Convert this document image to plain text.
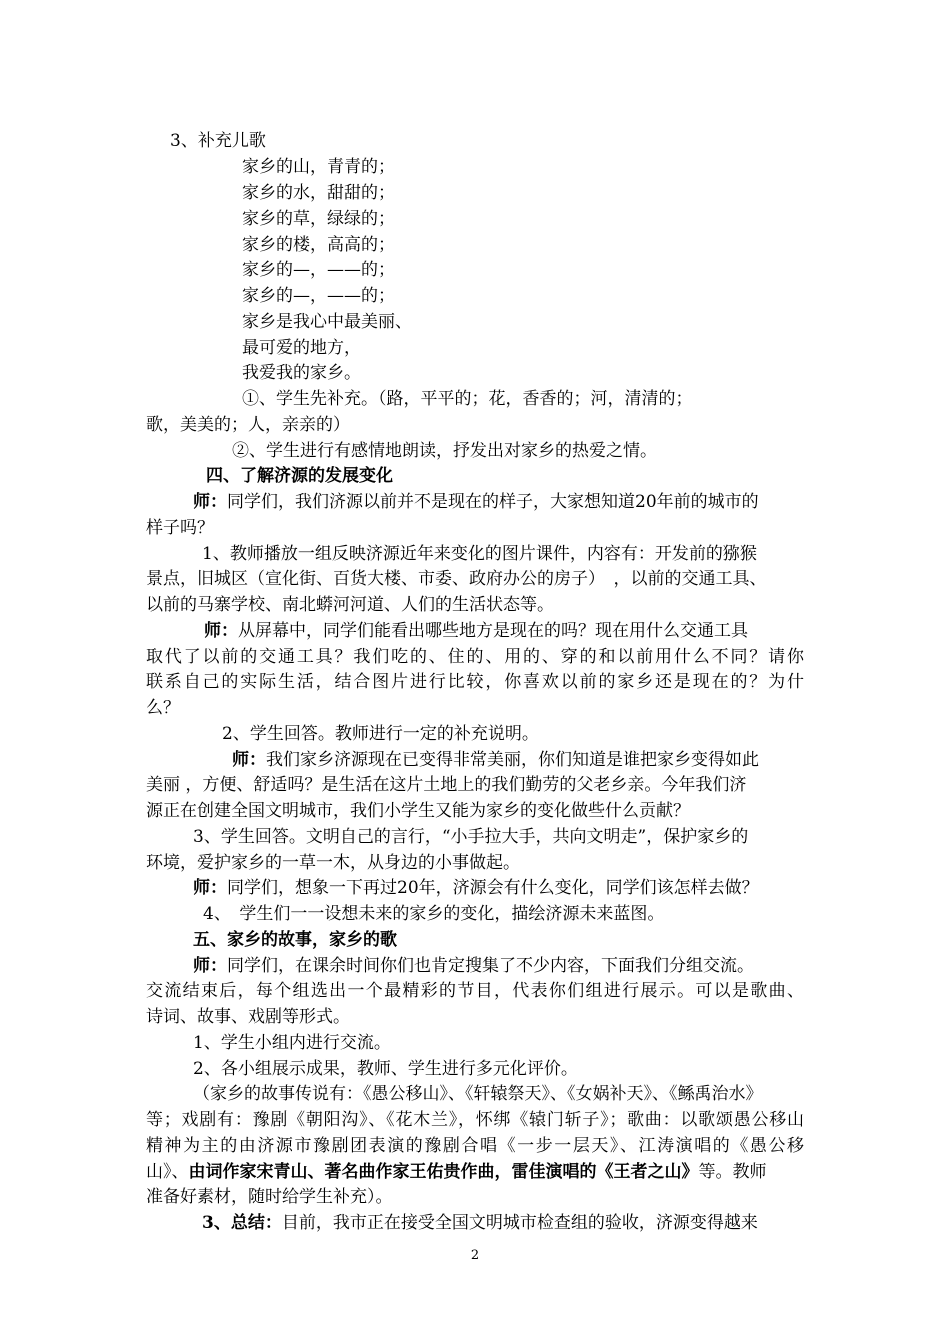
3、补充儿歌
家乡的山，青青的；
家乡的水，甜甜的；
家乡的草，绿绿的；
家乡的楼，高高的；
家乡的—，——的；
家乡的—，——的；
家乡是我心中最美丽、
最可爱的地方，
我爱我的家乡。
①、学生先补充。（路，平平的；花，香香的；河，清清的；
歌，美美的；人，亲亲的）
②、学生进行有感情地朗读，抒发出对家乡的热爱之情。
四、了解济源的发展变化
师：同学们，我们济源以前并不是现在的样子，大家想知道20年前的城市的
样子吗？
1、教师播放一组反映济源近年来变化的图片课件，内容有：开发前的猕猴
景点，旧城区（宣化街、百货大楼、市委、政府办公的房子）　，以前的交通工具、
以前的马寨学校、南北蟒河河道、人们的生活状态等。
师：从屏幕中，同学们能看出哪些地方是现在的吗？现在用什么交通工具
取代了以前的交通工具？我们吃的、住的、用的、穿的和以前用什么不同？请你
联系自己的实际生活，结合图片进行比较，你喜欢以前的家乡还是现在的？为什
么？
2、学生回答。教师进行一定的补充说明。
师：我们家乡济源现在已变得非常美丽，你们知道是谁把家乡变得如此
美丽 ，方便、舒适吗？是生活在这片土地上的我们勤劳的父老乡亲。今年我们济
源正在创建全国文明城市，我们小学生又能为家乡的变化做些什么贡献？
3、学生回答。文明自己的言行，“小手拉大手，共向文明走”，保护家乡的
环境，爱护家乡的一草一木，从身边的小事做起。
师：同学们，想象一下再过20年，济源会有什么变化，同学们该怎样去做？
4、　学生们一一设想未来的家乡的变化，描绘济源未来蓝图。
五、家乡的故事，家乡的歌
师：同学们，在课余时间你们也肯定搜集了不少内容，下面我们分组交流。
交流结束后，每个组选出一个最精彩的节目，代表你们组进行展示。可以是歌曲、
诗词、故事、戏剧等形式。
1、学生小组内进行交流。
2、各小组展示成果，教师、学生进行多元化评价。
（家乡的故事传说有：《愚公移山》、《轩辕祭天》、《女娲补天》、《鲧禹治水》
等；戏剧有：豫剧《朝阳沟》、《花木兰》，怀绑《辕门斩子》；歌曲：以歌颂愚公移山
精神为主的由济源市豫剧团表演的豫剧合唱《一步一层天》、江涛演唱的《愚公移
山》、由词作家宋青山、著名曲作家王佑贵作曲，雷佳演唱的《王者之山》等。教师
准备好素材，随时给学生补充）。
3、总结：目前，我市正在接受全国文明城市检查组的验收，济源变得越来
2
